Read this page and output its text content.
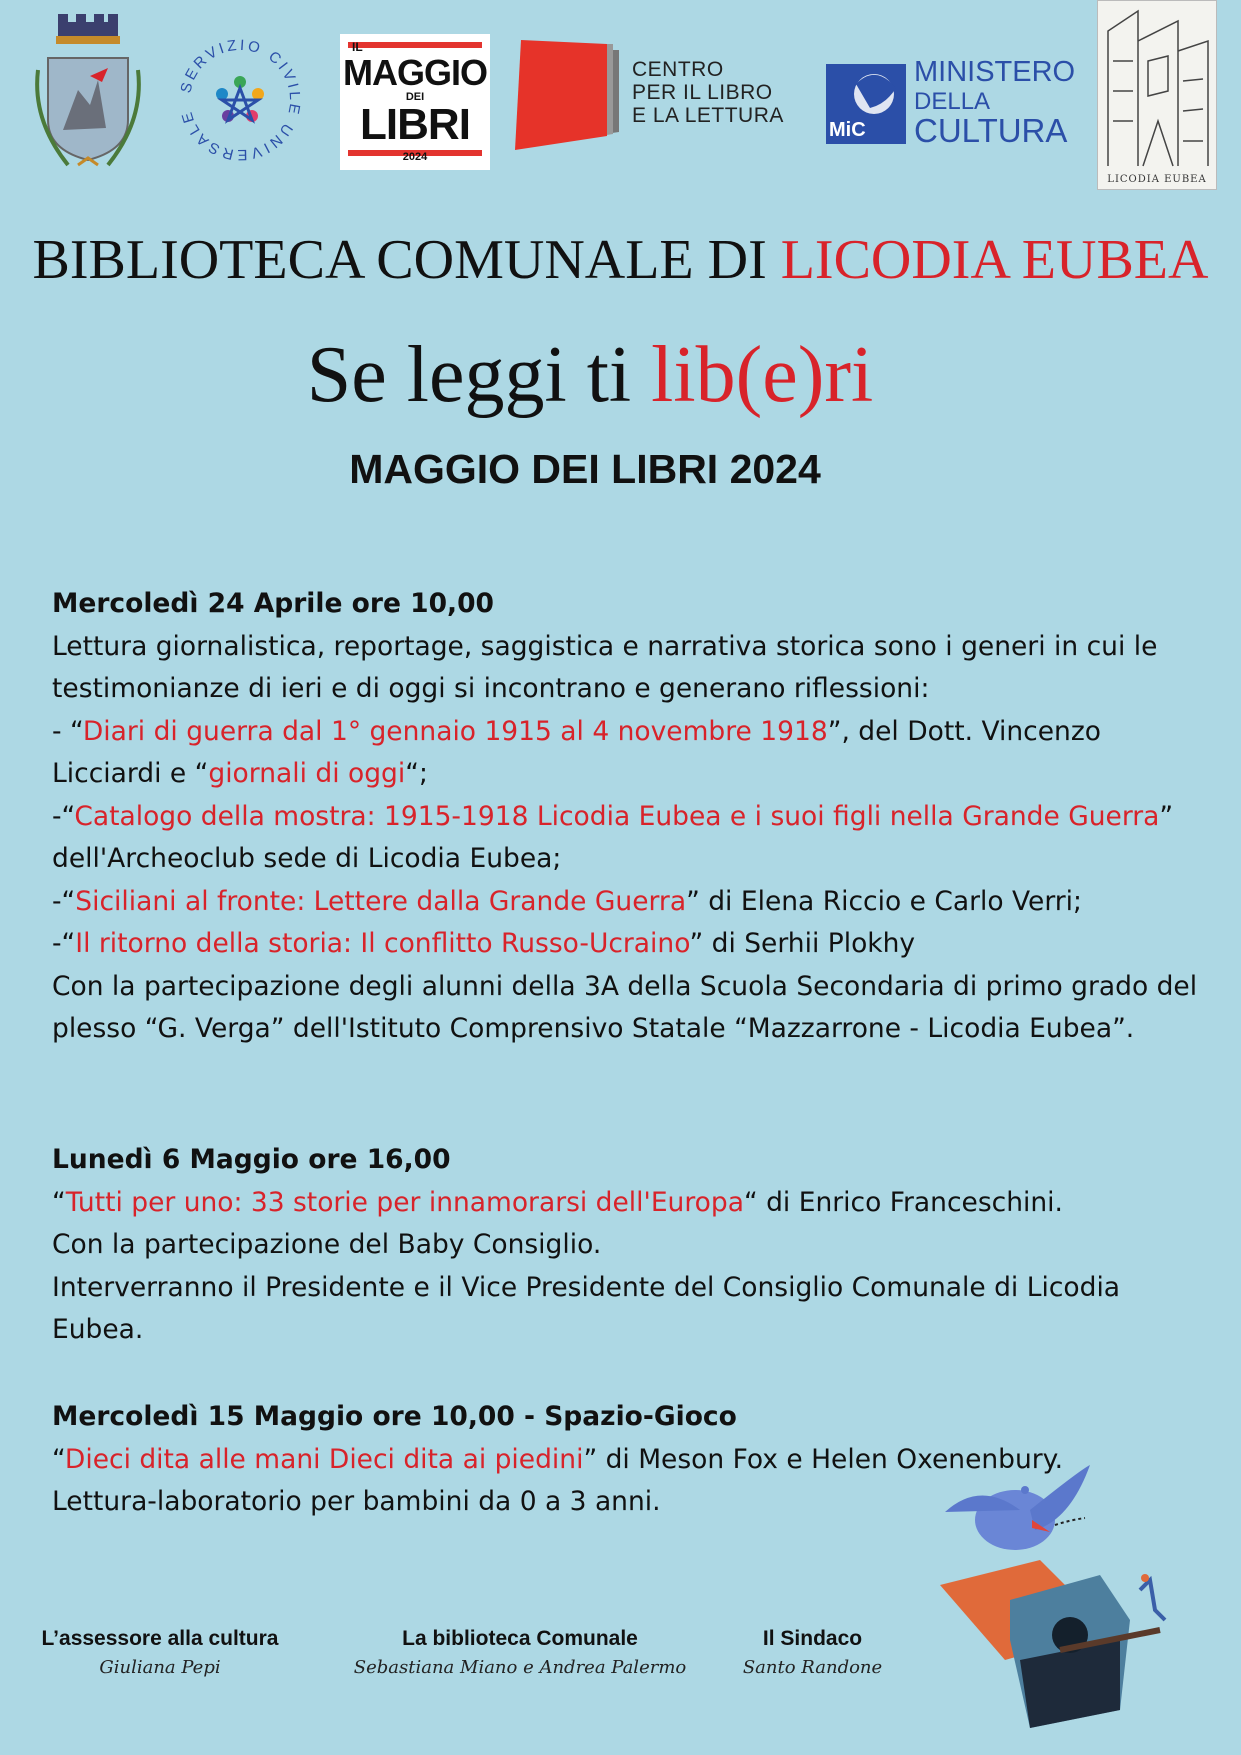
SERVIZIO CIVILE UNIVERSALE
IL
MAGGIO
DEI
LIBRI
2024
CENTRO
PER IL LIBRO
E LA LETTURA
MiC
MINISTERO
DELLA
CULTURA
LICODIA EUBEA
BIBLIOTECA COMUNALE DI LICODIA EUBEA
Se leggi ti lib(e)ri
MAGGIO DEI LIBRI 2024
Mercoledì 24 Aprile ore 10,00
Lettura giornalistica, reportage, saggistica e narrativa storica sono i generi in cui le testimonianze di ieri e di oggi si incontrano e generano riflessioni:
- “Diari di guerra dal 1° gennaio 1915 al 4 novembre 1918”, del Dott. Vincenzo Licciardi e “giornali di oggi“;
-“Catalogo della mostra: 1915-1918 Licodia Eubea e i suoi figli nella Grande Guerra” dell'Archeoclub sede di Licodia Eubea;
-“Siciliani al fronte: Lettere dalla Grande Guerra” di Elena Riccio e Carlo Verri;
-“Il ritorno della storia: Il conflitto Russo-Ucraino” di Serhii Plokhy
Con la partecipazione degli alunni della 3A della Scuola Secondaria di primo grado del plesso “G. Verga” dell'Istituto Comprensivo Statale “Mazzarrone - Licodia Eubea”.
Lunedì 6 Maggio ore 16,00
“Tutti per uno: 33 storie per innamorarsi dell'Europa“ di Enrico Franceschini.
Con la partecipazione del Baby Consiglio.
Interverranno il Presidente e il Vice Presidente del Consiglio Comunale di Licodia Eubea.
Mercoledì 15 Maggio ore 10,00 - Spazio-Gioco
“Dieci dita alle mani Dieci dita ai piedini” di Meson Fox e Helen Oxenenbury.
Lettura-laboratorio per bambini da 0 a 3 anni.
L’assessore alla cultura
Giuliana Pepi
La biblioteca Comunale
Sebastiana Miano e Andrea Palermo
Il Sindaco
Santo Randone
